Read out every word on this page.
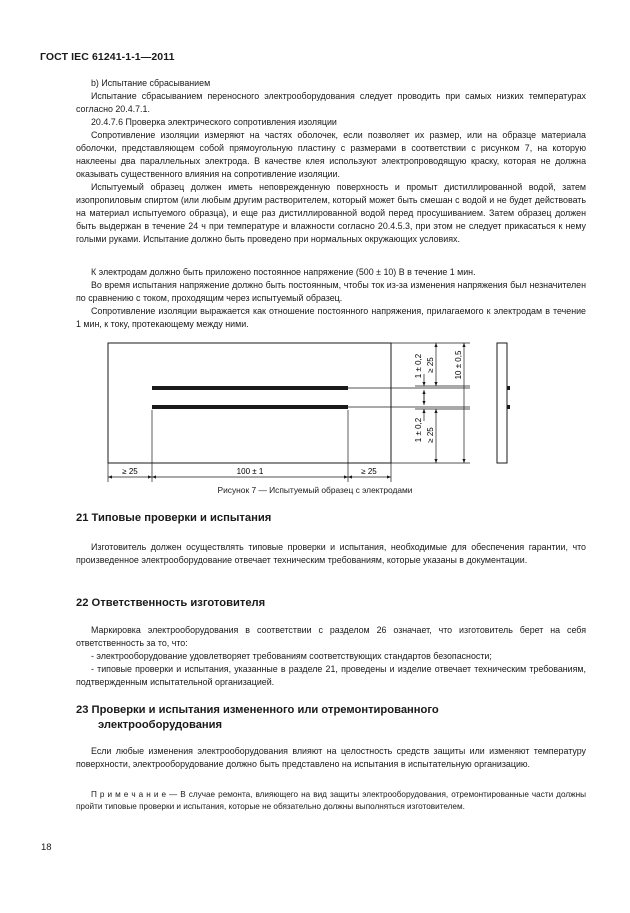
ГОСТ IEC 61241-1-1—2011

b) Испытание сбрасыванием

Испытание сбрасыванием переносного электрооборудования следует проводить при самых низких температурах согласно 20.4.7.1.

20.4.7.6 Проверка электрического сопротивления изоляции

Сопротивление изоляции измеряют на частях оболочек, если позволяет их размер, или на образце материала оболочки, представляющем собой прямоугольную пластину с размерами в соответствии с рисунком 7, на которую наклеены два параллельных электрода. В качестве клея используют электропроводящую краску, которая не должна оказывать существенного влияния на сопротивление изоляции.

Испытуемый образец должен иметь неповрежденную поверхность и промыт дистиллированной водой, затем изопропиловым спиртом (или любым другим растворителем, который может быть смешан с водой и не будет действовать на материал испытуемого образца), и еще раз дистиллированной водой перед просушиванием. Затем образец должен быть выдержан в течение 24 ч при температуре и влажности согласно 20.4.5.3, при этом не следует прикасаться к нему голыми руками. Испытание должно быть проведено при нормальных окружающих условиях.

К электродам должно быть приложено постоянное напряжение (500 ± 10) В в течение 1 мин.

Во время испытания напряжение должно быть постоянным, чтобы ток из-за изменения напряжения был незначителен по сравнению с током, проходящим через испытуемый образец.

Сопротивление изоляции выражается как отношение постоянного напряжения, прилагаемого к электродам в течение 1 мин, к току, протекающему между ними.

≥ 25	100 ± 1	≥ 25
1 ± 0,2 ≥ 25 10 ± 0,5
1 ± 0,2 ≥ 25
Рисунок 7 — Испытуемый образец с электродами
21 Типовые проверки и испытания

Изготовитель должен осуществлять типовые проверки и испытания, необходимые для обеспечения гарантии, что произведенное электрооборудование отвечает техническим требованиям, которые указаны в документации.

22 Ответственность изготовителя

Маркировка электрооборудования в соответствии с разделом 26 означает, что изготовитель берет на себя ответственность за то, что:

- электрооборудование удовлетворяет требованиям соответствующих стандартов безопасности;

- типовые проверки и испытания, указанные в разделе 21, проведены и изделие отвечает техническим требованиям, подтвержденным испытательной организацией.

23 Проверки и испытания измененного или отремонтированного
электрооборудования

Если любые изменения электрооборудования влияют на целостность средств защиты или изменяют температуру поверхности, электрооборудование должно быть представлено на испытания в испытательную организацию.

П р и м е ч а н и е — В случае ремонта, влияющего на вид защиты электрооборудования, отремонтированные части должны пройти типовые проверки и испытания, которые не обязательно должны выполняться изготовителем.

18
